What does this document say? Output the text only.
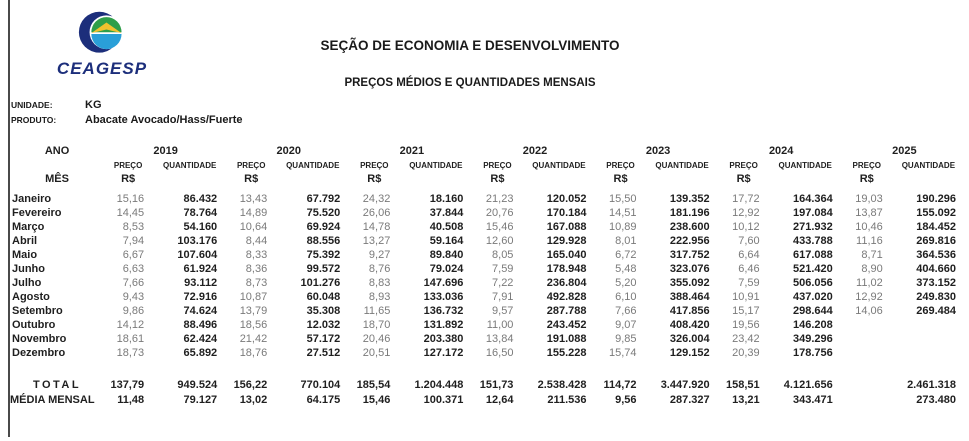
CEAGESP
SEÇÃO DE ECONOMIA E DESENVOLVIMENTO
PREÇOS MÉDIOS E QUANTIDADES MENSAIS
UNIDADE:	KG
PRODUTO:	Abacate Avocado/Hass/Fuerte
ANO	2019		2020		2021		2022		2023		2024		2025	
	PREÇO	QUANTIDADE	PREÇO	QUANTIDADE	PREÇO	QUANTIDADE	PREÇO	QUANTIDADE	PREÇO	QUANTIDADE	PREÇO	QUANTIDADE	PREÇO	QUANTIDADE
MÊS	R$		R$		R$		R$		R$		R$		R$	
Janeiro	15,16	86.432	13,43	67.792	24,32	18.160	21,23	120.052	15,50	139.352	17,72	164.364	19,03	190.296
Fevereiro	14,45	78.764	14,89	75.520	26,06	37.844	20,76	170.184	14,51	181.196	12,92	197.084	13,87	155.092
Março	8,53	54.160	10,64	69.924	14,78	40.508	15,46	167.088	10,89	238.600	10,12	271.932	10,46	184.452
Abril	7,94	103.176	8,44	88.556	13,27	59.164	12,60	129.928	8,01	222.956	7,60	433.788	11,16	269.816
Maio	6,67	107.604	8,33	75.392	9,27	89.840	8,05	165.040	6,72	317.752	6,64	617.088	8,71	364.536
Junho	6,63	61.924	8,36	99.572	8,76	79.024	7,59	178.948	5,48	323.076	6,46	521.420	8,90	404.660
Julho	7,66	93.112	8,73	101.276	8,83	147.696	7,22	236.804	5,20	355.092	7,59	506.056	11,02	373.152
Agosto	9,43	72.916	10,87	60.048	8,93	133.036	7,91	492.828	6,10	388.464	10,91	437.020	12,92	249.830
Setembro	9,86	74.624	13,79	35.308	11,65	136.732	9,57	287.788	7,66	417.856	15,17	298.644	14,06	269.484
Outubro	14,12	88.496	18,56	12.032	18,70	131.892	11,00	243.452	9,07	408.420	19,56	146.208		
Novembro	18,61	62.424	21,42	57.172	20,46	203.380	13,84	191.088	9,85	326.004	23,42	349.296		
Dezembro	18,73	65.892	18,76	27.512	20,51	127.172	16,50	155.228	15,74	129.152	20,39	178.756		

TOTAL	137,79	949.524	156,22	770.104	185,54	1.204.448	151,73	2.538.428	114,72	3.447.920	158,51	4.121.656		2.461.318
MÉDIA MENSAL	11,48	79.127	13,02	64.175	15,46	100.371	12,64	211.536	9,56	287.327	13,21	343.471		273.480
